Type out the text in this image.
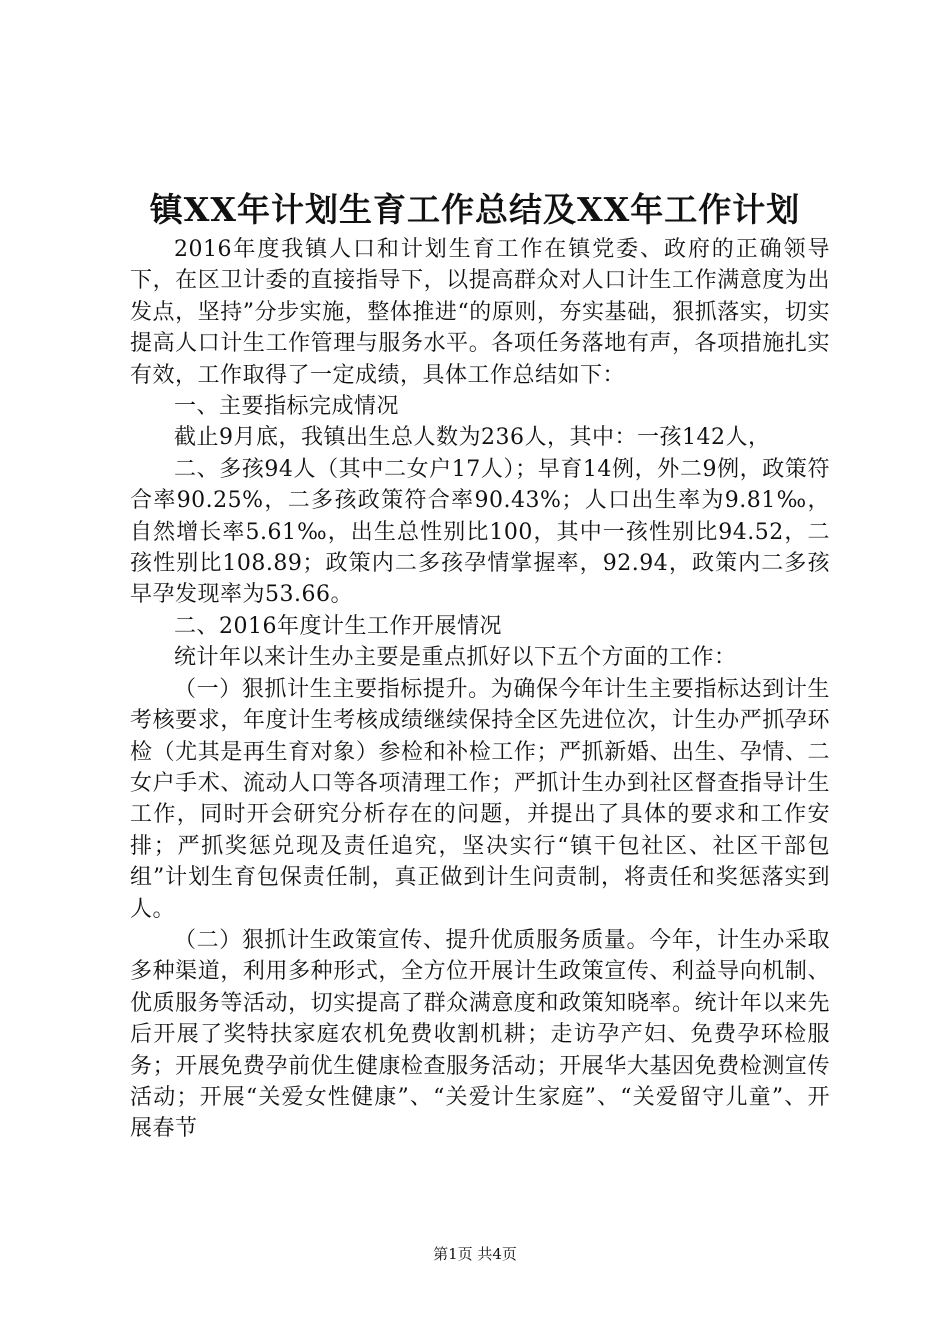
镇XX年计划生育工作总结及XX年工作计划

2016年度我镇人口和计划生育工作在镇党委、政府的正确领导下，在区卫计委的直接指导下，以提高群众对人口计生工作满意度为出发点，坚持”分步实施，整体推进“的原则，夯实基础，狠抓落实，切实提高人口计生工作管理与服务水平。各项任务落地有声，各项措施扎实有效，工作取得了一定成绩，具体工作总结如下：

一、主要指标完成情况

截止9月底，我镇出生总人数为236人，其中：一孩142人，

二、多孩94人（其中二女户17人）；早育14例，外二9例，政策符合率90.25%，二多孩政策符合率90.43%；人口出生率为9.81‰，自然增长率5.61‰，出生总性别比100，其中一孩性别比94.52，二孩性别比108.89；政策内二多孩孕情掌握率，92.94，政策内二多孩早孕发现率为53.66。

二、2016年度计生工作开展情况

统计年以来计生办主要是重点抓好以下五个方面的工作：

（一）狠抓计生主要指标提升。为确保今年计生主要指标达到计生考核要求，年度计生考核成绩继续保持全区先进位次，计生办严抓孕环检（尤其是再生育对象）参检和补检工作；严抓新婚、出生、孕情、二女户手术、流动人口等各项清理工作；严抓计生办到社区督查指导计生工作，同时开会研究分析存在的问题，并提出了具体的要求和工作安排；严抓奖惩兑现及责任追究，坚决实行“镇干包社区、社区干部包组”计划生育包保责任制，真正做到计生问责制，将责任和奖惩落实到人。

（二）狠抓计生政策宣传、提升优质服务质量。今年，计生办采取多种渠道，利用多种形式，全方位开展计生政策宣传、利益导向机制、优质服务等活动，切实提高了群众满意度和政策知晓率。统计年以来先后开展了奖特扶家庭农机免费收割机耕；走访孕产妇、免费孕环检服务；开展免费孕前优生健康检查服务活动；开展华大基因免费检测宣传活动；开展“关爱女性健康”、“关爱计生家庭”、“关爱留守儿童”、开展春节

第1页 共4页
